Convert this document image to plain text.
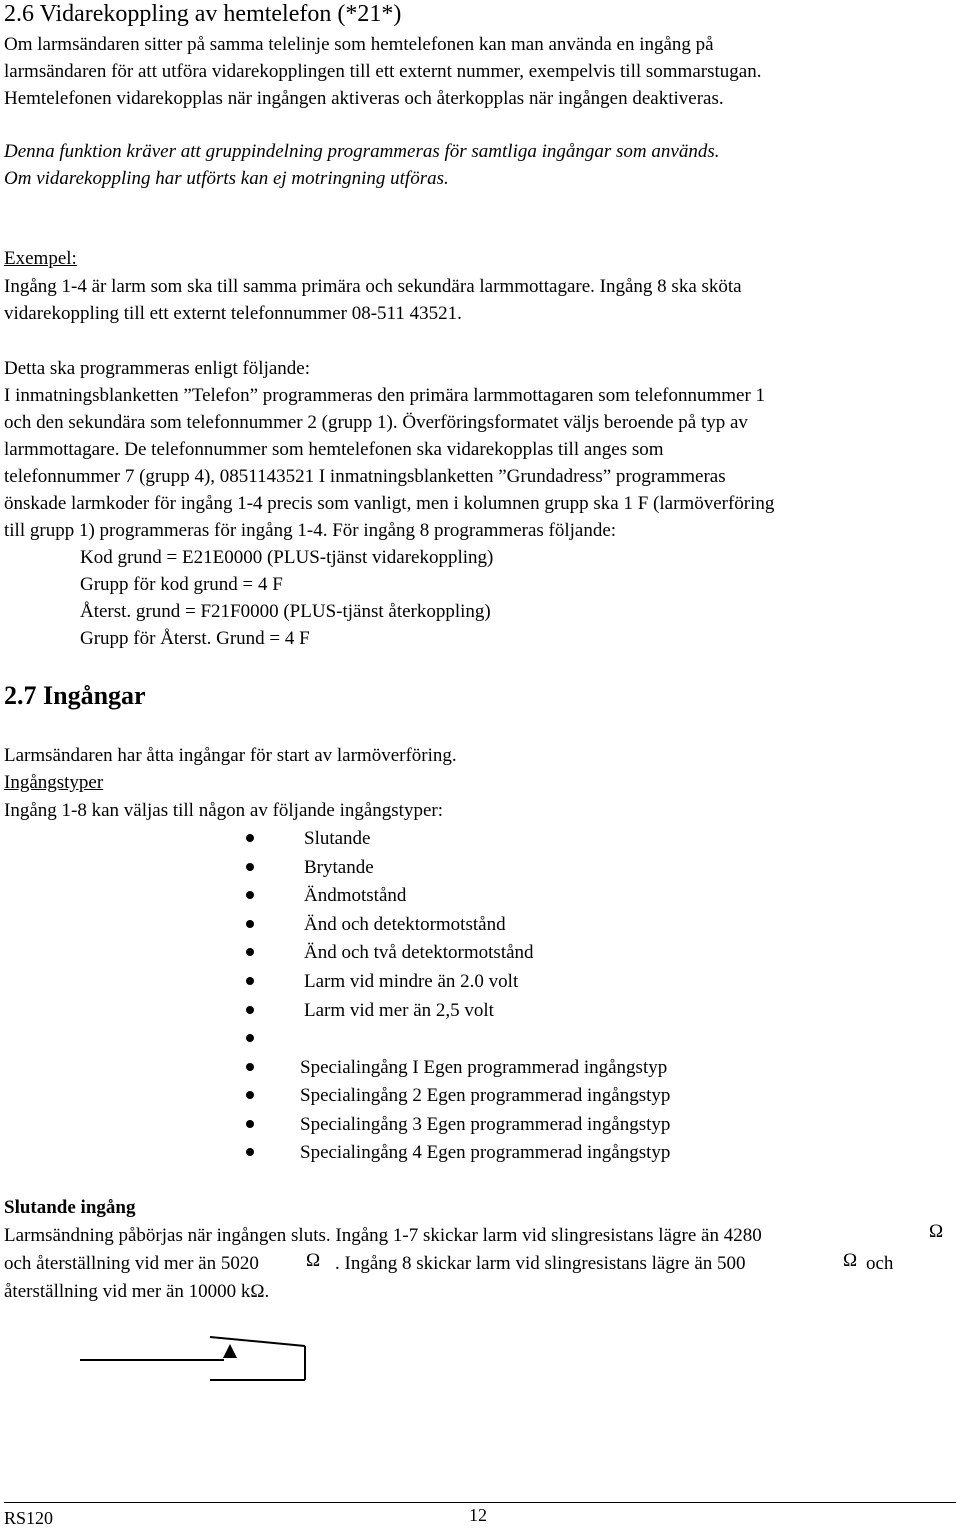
2.6 Vidarekoppling av hemtelefon (*21*)
Om larmsändaren sitter på samma telelinje som hemtelefonen kan man använda en ingång på
larmsändaren för att utföra vidarekopplingen till ett externt nummer, exempelvis till sommarstugan.
Hemtelefonen vidarekopplas när ingången aktiveras och återkopplas när ingången deaktiveras.
Denna funktion kräver att gruppindelning programmeras för samtliga ingångar som används.
Om vidarekoppling har utförts kan ej motringning utföras.
Exempel:
Ingång 1-4 är larm som ska till samma primära och sekundära larmmottagare. Ingång 8 ska sköta
vidarekoppling till ett externt telefonnummer 08-511 43521.
Detta ska programmeras enligt följande:
I inmatningsblanketten ”Telefon” programmeras den primära larmmottagaren som telefonnummer 1
och den sekundära som telefonnummer 2 (grupp 1). Överföringsformatet väljs beroende på typ av
larmmottagare. De telefonnummer som hemtelefonen ska vidarekopplas till anges som
telefonnummer 7 (grupp 4), 0851143521 I inmatningsblanketten ”Grundadress” programmeras
önskade larmkoder för ingång 1-4 precis som vanligt, men i kolumnen grupp ska 1 F (larmöverföring
till grupp 1) programmeras för ingång 1-4. För ingång 8 programmeras följande:
Kod grund = E21E0000 (PLUS-tjänst vidarekoppling)
Grupp för kod grund = 4 F
Återst. grund = F21F0000 (PLUS-tjänst återkoppling)
Grupp för Återst. Grund = 4 F
2.7 Ingångar
Larmsändaren har åtta ingångar för start av larmöverföring.
Ingångstyper
Ingång 1-8 kan väljas till någon av följande ingångstyper:
Slutande
Brytande
Ändmotstånd
Änd och detektormotstånd
Änd och två detektormotstånd
Larm vid mindre än 2.0 volt
Larm vid mer än 2,5 volt
Specialingång I Egen programmerad ingångstyp
Specialingång 2 Egen programmerad ingångstyp
Specialingång 3 Egen programmerad ingångstyp
Specialingång 4 Egen programmerad ingångstyp
Slutande ingång
Larmsändning påbörjas när ingången sluts. Ingång 1-7 skickar larm vid slingresistans lägre än 4280	Ω
och återställning vid mer än 5020 Ω . Ingång 8 skickar larm vid slingresistans lägre än 500	Ω och
återställning vid mer än 10000 kΩ.
RS120	12
